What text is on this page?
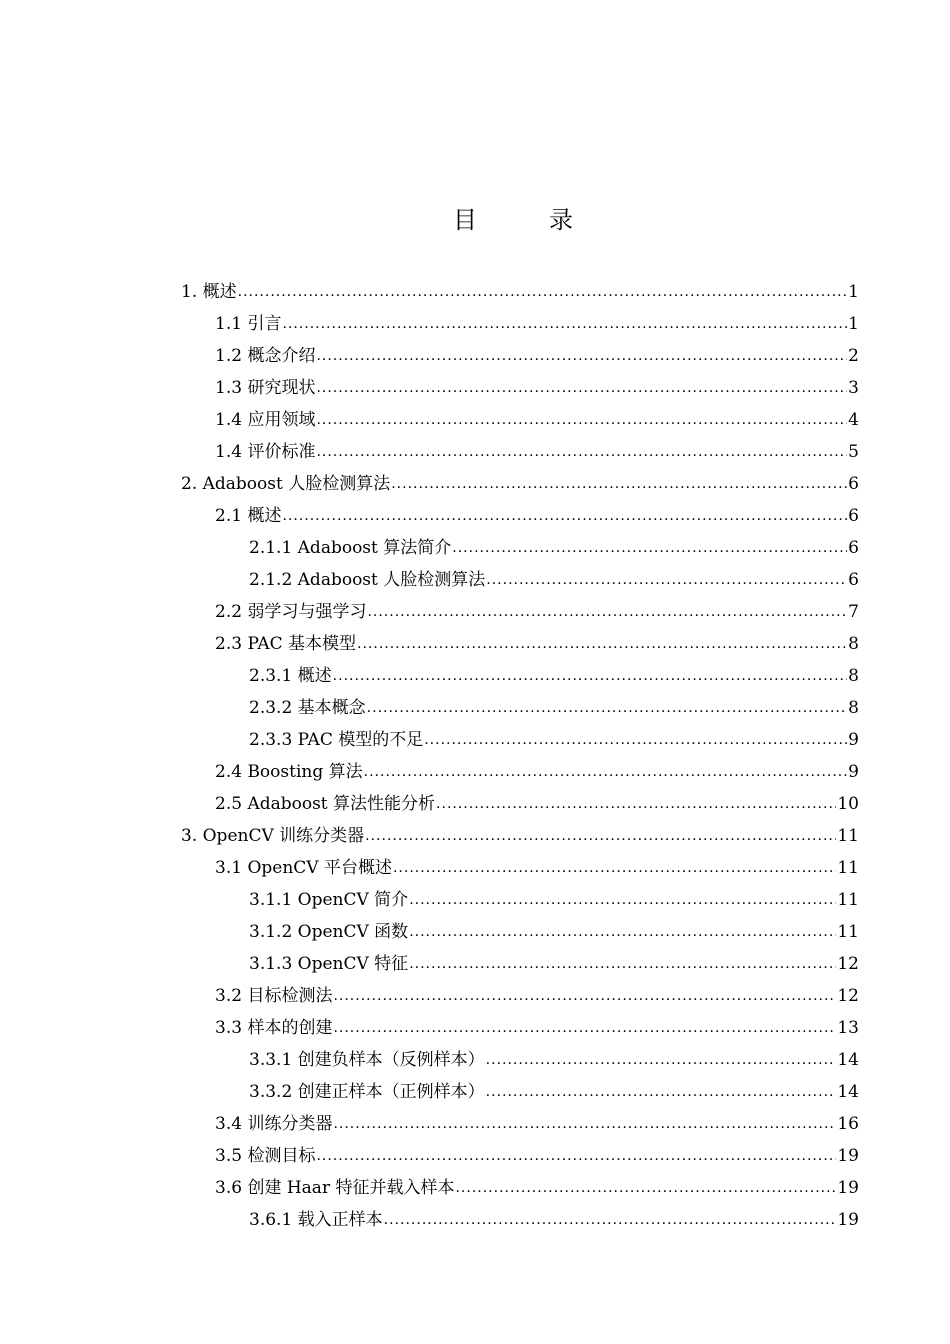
目　录
1. 概述 .....	1
1.1 引言 .....	1
1.2 概念介绍 .....	2
1.3 研究现状 .....	3
1.4 应用领域 .....	4
1.4 评价标准 .....	5
2. Adaboost 人脸检测算法 .....	6
2.1 概述 .....	6
2.1.1 Adaboost 算法简介 .....	6
2.1.2 Adaboost 人脸检测算法 .....	6
2.2 弱学习与强学习 .....	7
2.3 PAC 基本模型 .....	8
2.3.1 概述 .....	8
2.3.2 基本概念 .....	8
2.3.3 PAC 模型的不足 .....	9
2.4 Boosting 算法 .....	9
2.5 Adaboost 算法性能分析 .....	10
3. OpenCV 训练分类器 .....	11
3.1 OpenCV 平台概述 .....	11
3.1.1 OpenCV 简介 .....	11
3.1.2 OpenCV 函数 .....	11
3.1.3 OpenCV 特征 .....	12
3.2 目标检测法 .....	12
3.3 样本的创建 .....	13
3.3.1 创建负样本（反例样本） .....	14
3.3.2 创建正样本（正例样本） .....	14
3.4 训练分类器 .....	16
3.5 检测目标 .....	19
3.6 创建 Haar 特征并载入样本 .....	19
3.6.1 载入正样本 .....	19
